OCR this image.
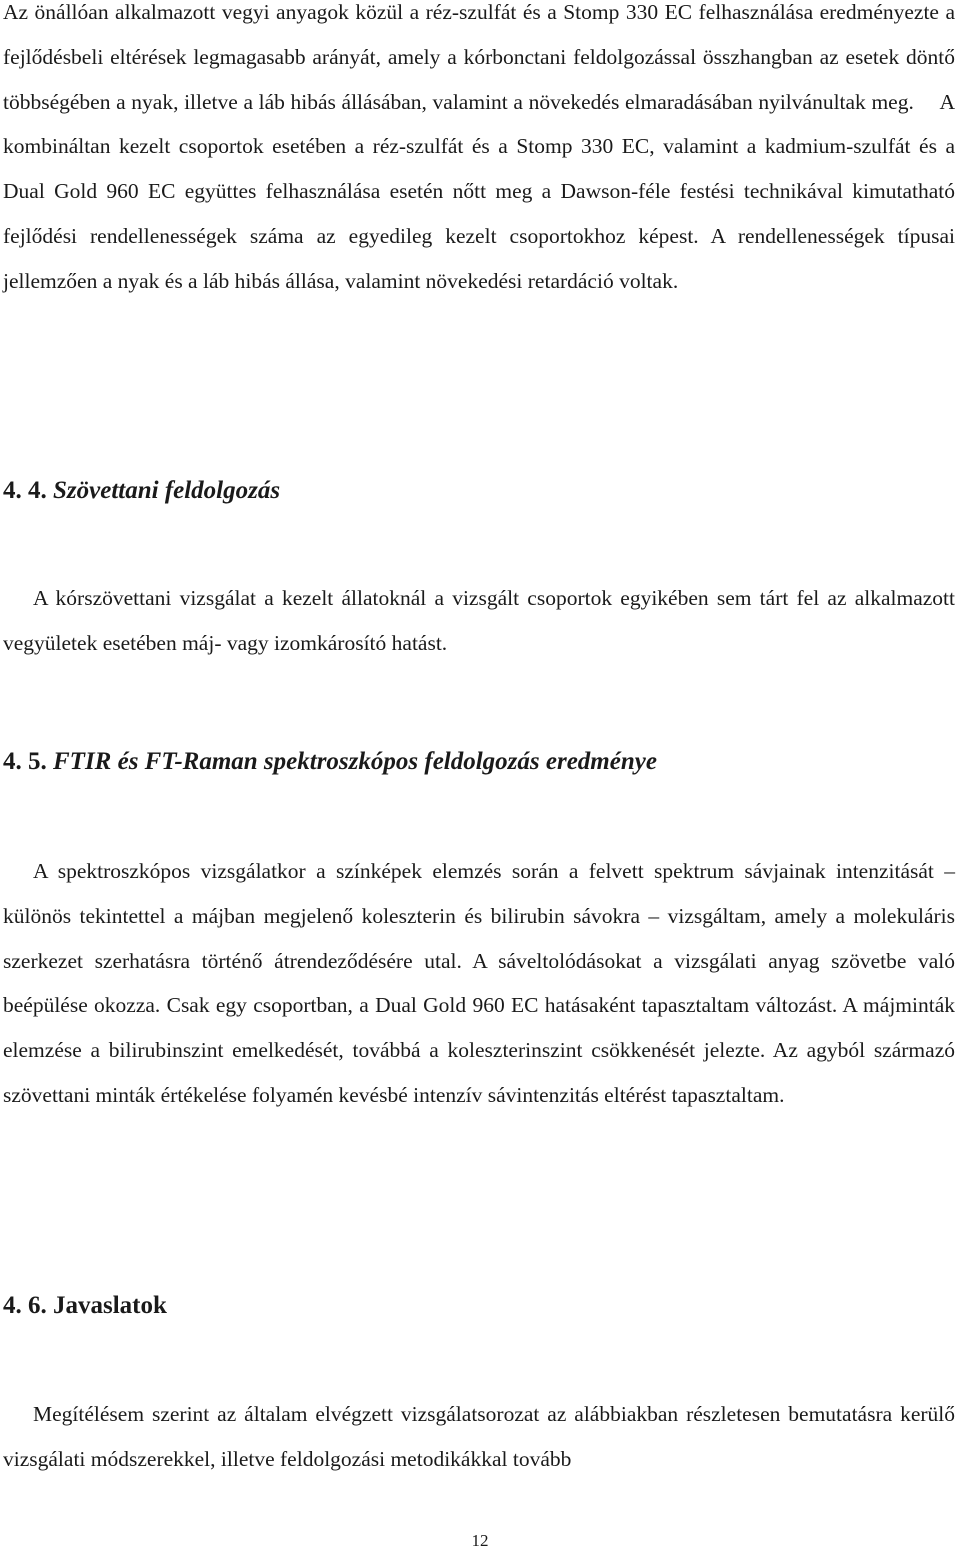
Az önállóan alkalmazott vegyi anyagok közül a réz-szulfát és a Stomp 330 EC felhasználása eredményezte a fejlődésbeli eltérések legmagasabb arányát, amely a kórbonctani feldolgozással összhangban az esetek döntő többségében a nyak, illetve a láb hibás állásában, valamint a növekedés elmaradásában nyilvánultak meg. A kombináltan kezelt csoportok esetében a réz-szulfát és a Stomp 330 EC, valamint a kadmium-szulfát és a Dual Gold 960 EC együttes felhasználása esetén nőtt meg a Dawson-féle festési technikával kimutatható fejlődési rendellenességek száma az egyedileg kezelt csoportokhoz képest. A rendellenességek típusai jellemzően a nyak és a láb hibás állása, valamint növekedési retardáció voltak.

4. 4. Szövettani feldolgozás

A kórszövettani vizsgálat a kezelt állatoknál a vizsgált csoportok egyikében sem tárt fel az alkalmazott vegyületek esetében máj- vagy izomkárosító hatást.

4. 5. FTIR és FT-Raman spektroszkópos feldolgozás eredménye

A spektroszkópos vizsgálatkor a színképek elemzés során a felvett spektrum sávjainak intenzitását – különös tekintettel a májban megjelenő koleszterin és bilirubin sávokra – vizsgáltam, amely a molekuláris szerkezet szerhatásra történő átrendeződésére utal. A sáveltolódásokat a vizsgálati anyag szövetbe való beépülése okozza. Csak egy csoportban, a Dual Gold 960 EC hatásaként tapasztaltam változást. A májminták elemzése a bilirubinszint emelkedését, továbbá a koleszterinszint csökkenését jelezte. Az agyból származó szövettani minták értékelése folyamén kevésbé intenzív sávintenzitás eltérést tapasztaltam.

4. 6. Javaslatok

Megítélésem szerint az általam elvégzett vizsgálatsorozat az alábbiakban részletesen bemutatásra kerülő vizsgálati módszerekkel, illetve feldolgozási metodikákkal tovább

12
